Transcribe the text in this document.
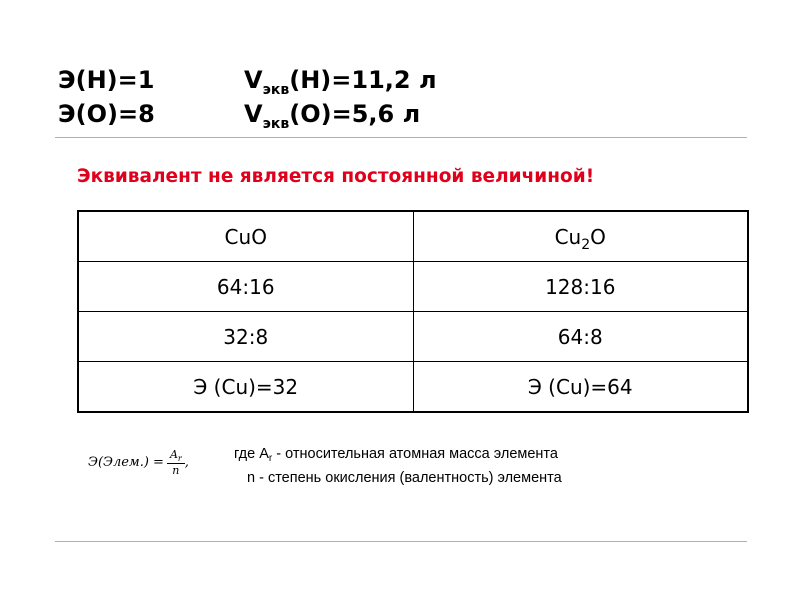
Э(H)=1	$V_{экв}(H)=11,2$ л
Э(O)=8	$V_{экв}(O)=5,6$ л
Эквивалент не является постоянной величиной!
CuO	$Cu_2O$
64:16	128:16
32:8	64:8
Э (Cu)=32	Э (Cu)=64
Э(Элем.) = $\frac{A_r}{n}$ ,
где $A_r$ - относительная атомная масса элемента
n - степень окисления (валентность) элемента
